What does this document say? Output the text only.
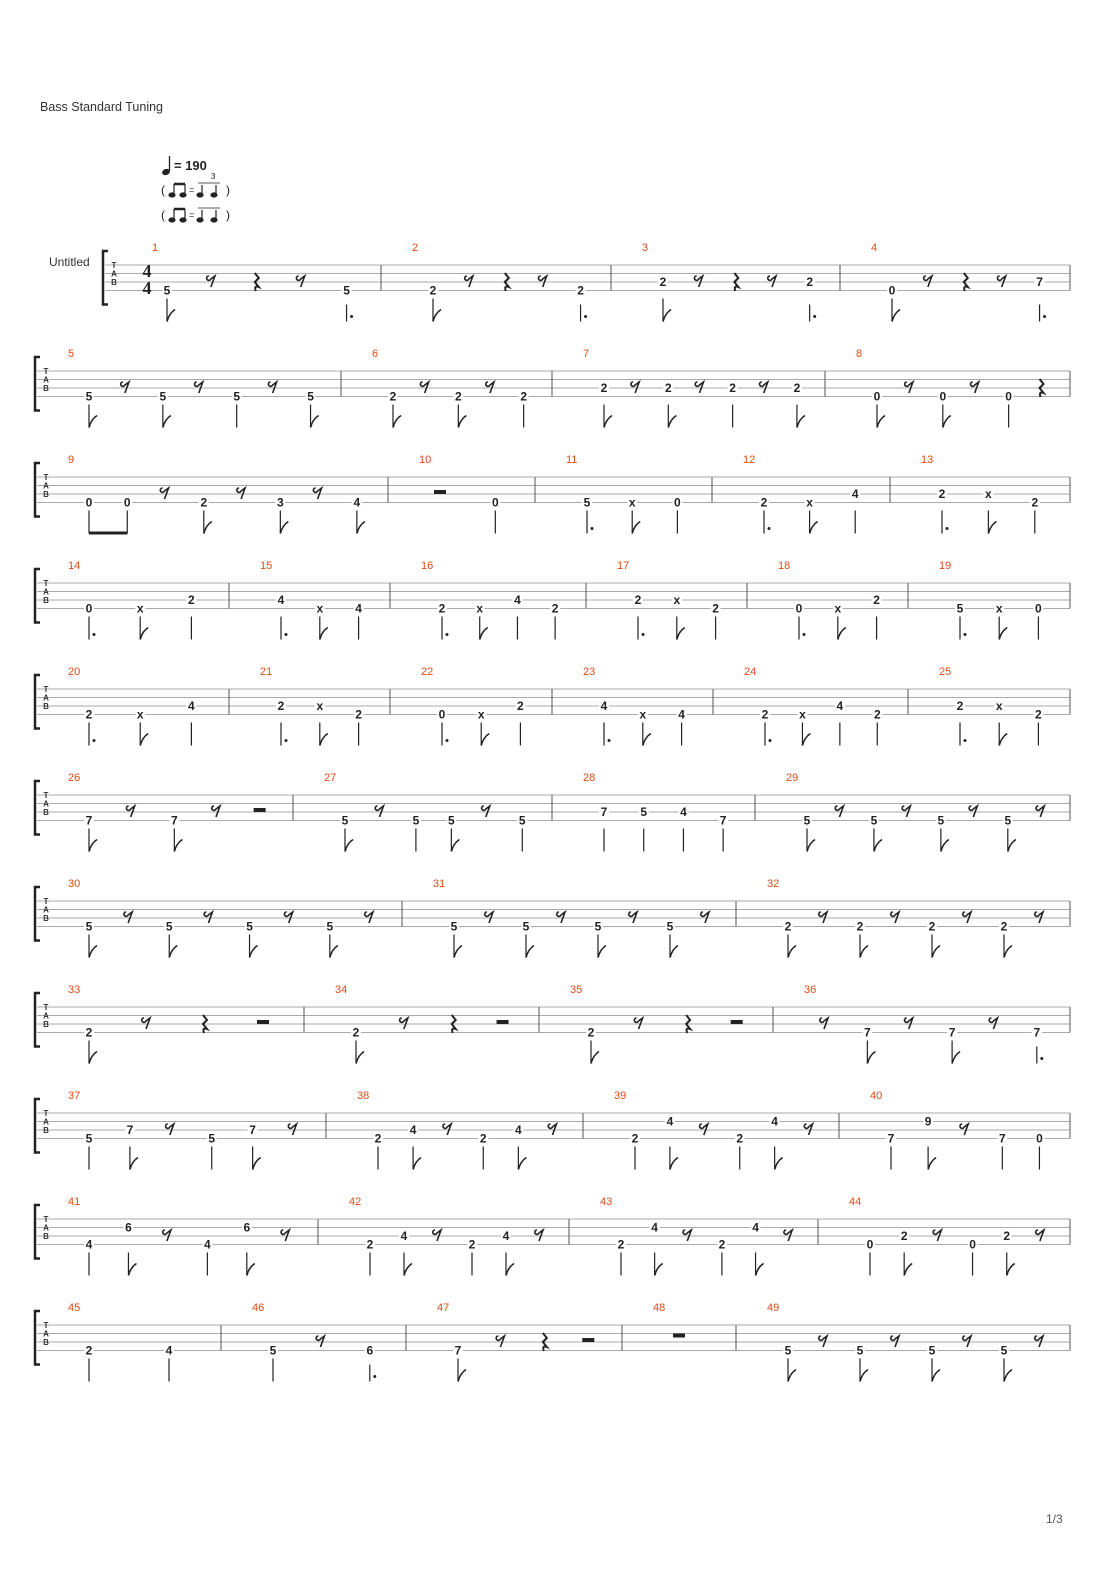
Bass Standard Tuning
= 190
3
(	=	)
(	=	)
Untitled	T
A
B
4
4
1
5	5
2
2	2
3
2	2
4
0
7
T
A
B
5
5	5	5	5
6
2	2	2
7
2	2	2	2
8
0	0	0
T
A
B
9
0	0	2	3	4
10
0
11
5	x	0
12
2	x
4
13
2	x
2
T
A
B
14
0	x
2
15
4
x	4
16
2	x
4
2
17
2	x
2
18
0	x
2
19
5	x	0
T
A
B
20
2	x
4
21
2	x
2
22
0	x
2
23
4
x	4
24
2	x
4
2
25
2	x
2
T
A
B
26
7	7
27
5	5 5	5
28
7	5	4
7
29
5	5	5	5
T
A
B
30
5	5	5	5
31
5	5	5	5
32
2	2	2	2
T
A
B
33
2
34
2
35
2
36
7	7	7
T
A
B
37
5
7
5
7
38
2
4
2
4
39
2
4
2
4
40
7
9
7	0
T
A
B
41
4
6
4
6
42
2
4
2
4
43
2
4
2
4
44
0
2
0
2
T
A
B
45
2	4
46
5	6
47
7
48	49
5	5	5	5
1/3
